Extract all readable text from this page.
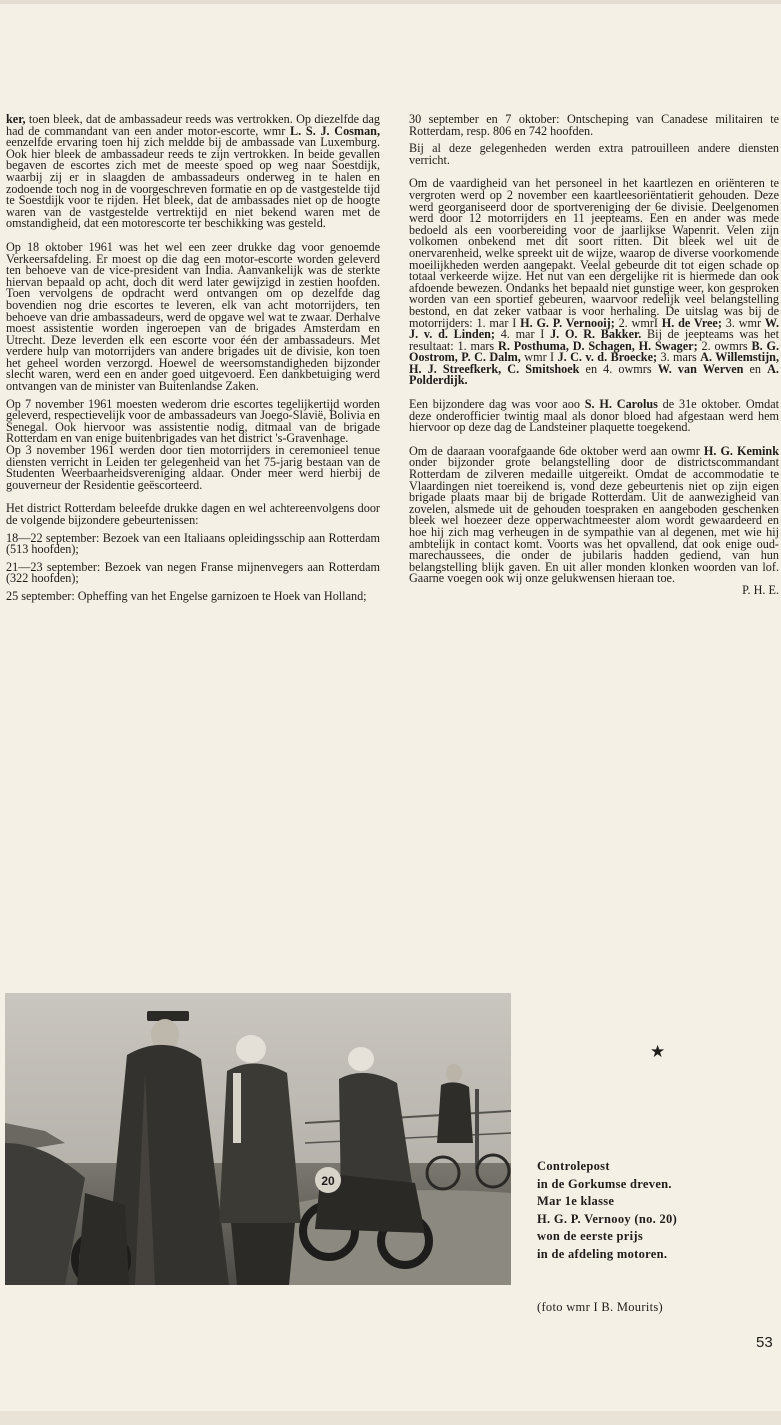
ker, toen bleek, dat de ambassadeur reeds was vertrokken. Op diezelfde dag had de commandant van een ander motor-escorte, wmr L. S. J. Cosman, eenzelfde ervaring toen hij zich meldde bij de ambassade van Luxemburg. Ook hier bleek de ambassadeur reeds te zijn vertrokken. In beide gevallen begaven de escortes zich met de meeste spoed op weg naar Soestdijk, waarbij zij er in slaagden de ambassadeurs onderweg in te halen en zodoende toch nog in de voorgeschreven formatie en op de vastgestelde tijd te Soestdijk voor te rijden. Het bleek, dat de ambassades niet op de hoogte waren van de vastgestelde vertrektijd en niet bekend waren met de omstandigheid, dat een motorescorte ter beschikking was gesteld.

Op 18 oktober 1961 was het wel een zeer drukke dag voor genoemde Verkeersafdeling. Er moest op die dag een motor-escorte worden geleverd ten behoeve van de vice-president van India. Aanvankelijk was de sterkte hiervan bepaald op acht, doch dit werd later gewijzigd in zestien hoofden. Toen vervolgens de opdracht werd ontvangen om op dezelfde dag bovendien nog drie escortes te leveren, elk van acht motorrijders, ten behoeve van drie ambassadeurs, werd de opgave wel wat te zwaar. Derhalve moest assistentie worden ingeroepen van de brigades Amsterdam en Utrecht. Deze leverden elk een escorte voor één der ambassadeurs. Met verdere hulp van motorrijders van andere brigades uit de divisie, kon toen het geheel worden verzorgd. Hoewel de weersomstandigheden bijzonder slecht waren, werd een en ander goed uitgevoerd. Een dankbetuiging werd ontvangen van de minister van Buitenlandse Zaken.

Op 7 november 1961 moesten wederom drie escortes tegelijkertijd worden geleverd, respectievelijk voor de ambassadeurs van Joego-Slavië, Bolivia en Senegal. Ook hiervoor was assistentie nodig, ditmaal van de brigade Rotterdam en van enige buitenbrigades van het district 's-Gravenhage.

Op 3 november 1961 werden door tien motorrijders in ceremonieel tenue diensten verricht in Leiden ter gelegenheid van het 75-jarig bestaan van de Studenten Weerbaarheidsvereniging aldaar. Onder meer werd hierbij de gouverneur der Residentie geëscorteerd.

Het district Rotterdam beleefde drukke dagen en wel achtereenvolgens door de volgende bijzondere gebeurtenissen:

18—22 september: Bezoek van een Italiaans opleidingsschip aan Rotterdam (513 hoofden);

21—23 september: Bezoek van negen Franse mijnenvegers aan Rotterdam (322 hoofden);

25 september: Opheffing van het Engelse garnizoen te Hoek van Holland;

30 september en 7 oktober: Ontscheping van Canadese militairen te Rotterdam, resp. 806 en 742 hoofden.

Bij al deze gelegenheden werden extra patrouilleen andere diensten verricht.

Om de vaardigheid van het personeel in het kaartlezen en oriënteren te vergroten werd op 2 november een kaartleesoriëntatierit gehouden. Deze werd georganiseerd door de sportvereniging der 6e divisie. Deelgenomen werd door 12 motorrijders en 11 jeepteams. Een en ander was mede bedoeld als een voorbereiding voor de jaarlijkse Wapenrit. Velen zijn volkomen onbekend met dit soort ritten. Dit bleek wel uit de onervarenheid, welke spreekt uit de wijze, waarop de diverse voorkomende moeilijkheden werden aangepakt. Veelal gebeurde dit tot eigen schade op totaal verkeerde wijze. Het nut van een dergelijke rit is hiermede dan ook afdoende bewezen. Ondanks het bepaald niet gunstige weer, kon gesproken worden van een sportief gebeuren, waarvoor redelijk veel belangstelling bestond, en dat zeker vatbaar is voor herhaling. De uitslag was bij de motorrijders: 1. mar I H. G. P. Vernooij; 2. wmrI H. de Vree; 3. wmr W. J. v. d. Linden; 4. mar I J. O. R. Bakker. Bij de jeepteams was het resultaat: 1. mars R. Posthuma, D. Schagen, H. Swager; 2. owmrs B. G. Oostrom, P. C. Dalm, wmr I J. C. v. d. Broecke; 3. mars A. Willemstijn, H. J. Streefkerk, C. Smitshoek en 4. owmrs W. van Werven en A. Polderdijk.

Een bijzondere dag was voor aoo S. H. Carolus de 31e oktober. Omdat deze onderofficier twintig maal als donor bloed had afgestaan werd hem hiervoor op deze dag de Landsteiner plaquette toegekend.

Om de daaraan voorafgaande 6de oktober werd aan owmr H. G. Kemink onder bijzonder grote belangstelling door de districtscommandant Rotterdam de zilveren medaille uitgereikt. Omdat de accommodatie te Vlaardingen niet toereikend is, vond deze gebeurtenis niet op zijn eigen brigade plaats maar bij de brigade Rotterdam. Uit de aanwezigheid van zovelen, alsmede uit de gehouden toespraken en aangeboden geschenken bleek wel hoezeer deze opperwachtmeester alom wordt gewaardeerd en hoe hij zich mag verheugen in de sympathie van al degenen, met wie hij ambtelijk in contact komt. Voorts was het opvallend, dat ook enige oud-marechaussees, die onder de jubilaris hadden gediend, van hun belangstelling blijk gaven. En uit aller monden klonken woorden van lof. Gaarne voegen ook wij onze gelukwensen hieraan toe.

P. H. E.

20
★
Controlepost
in de Gorkumse dreven.
Mar 1e klasse
H. G. P. Vernooy (no. 20)
won de eerste prijs
in de afdeling motoren.
(foto wmr I B. Mourits)
53
